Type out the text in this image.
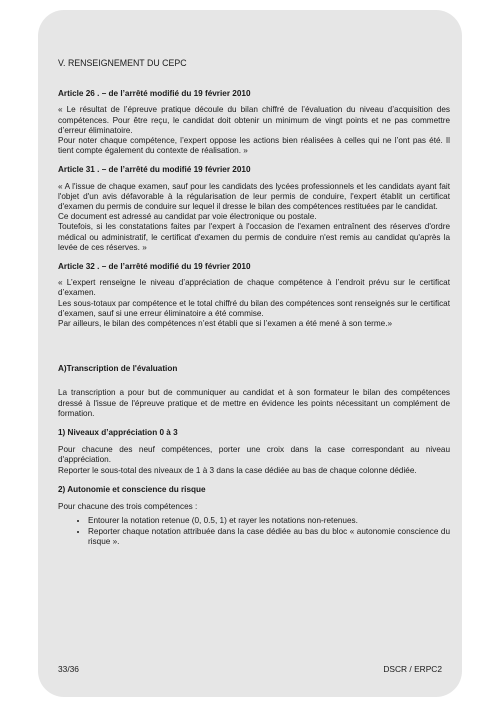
V. RENSEIGNEMENT DU CEPC

Article 26 . – de l’arrêté modifié du 19 février 2010

« Le résultat de l’épreuve pratique découle du bilan chiffré de l’évaluation du niveau d’acquisition des compétences. Pour être reçu, le candidat doit obtenir un minimum de vingt points et ne pas commettre d’erreur éliminatoire.

Pour noter chaque compétence, l’expert oppose les actions bien réalisées à celles qui ne l’ont pas été. Il tient compte également du contexte de réalisation. »

Article 31 . – de l’arrêté du modifié 19 février 2010

« A l'issue de chaque examen, sauf pour les candidats des lycées professionnels et les candidats ayant fait l'objet d'un avis défavorable à la régularisation de leur permis de conduire, l'expert établit un certificat d'examen du permis de conduire sur lequel il dresse le bilan des compétences restituées par le candidat.

Ce document est adressé au candidat par voie électronique ou postale.

Toutefois, si les constatations faites par l'expert à l'occasion de l'examen entraînent des réserves d'ordre médical ou administratif, le certificat d'examen du permis de conduire n'est remis au candidat qu'après la levée de ces réserves. »

Article 32 . – de l’arrêté modifié du 19 février 2010

« L’expert renseigne le niveau d’appréciation de chaque compétence à l’endroit prévu sur le certificat d’examen.

Les sous-totaux par compétence et le total chiffré du bilan des compétences sont renseignés sur le certificat d’examen, sauf si une erreur éliminatoire a été commise.

Par ailleurs, le bilan des compétences n’est établi que si l’examen a été mené à son terme.»

A)Transcription de l'évaluation

La transcription a pour but de communiquer au candidat et à son formateur le bilan des compétences dressé à l'issue de l'épreuve pratique et de mettre en évidence les points nécessitant un complément de formation.

1) Niveaux d’appréciation 0 à 3

Pour chacune des neuf compétences, porter une croix dans la case correspondant au niveau d'appréciation.

Reporter le sous-total des niveaux de 1 à 3 dans la case dédiée au bas de chaque colonne dédiée.

2) Autonomie et conscience du risque

Pour chacune des trois compétences :

• Entourer la notation retenue (0, 0.5, 1) et rayer les notations non-retenues.
• Reporter chaque notation attribuée dans la case dédiée au bas du bloc « autonomie conscience du risque ».
33/36	DSCR / ERPC2
